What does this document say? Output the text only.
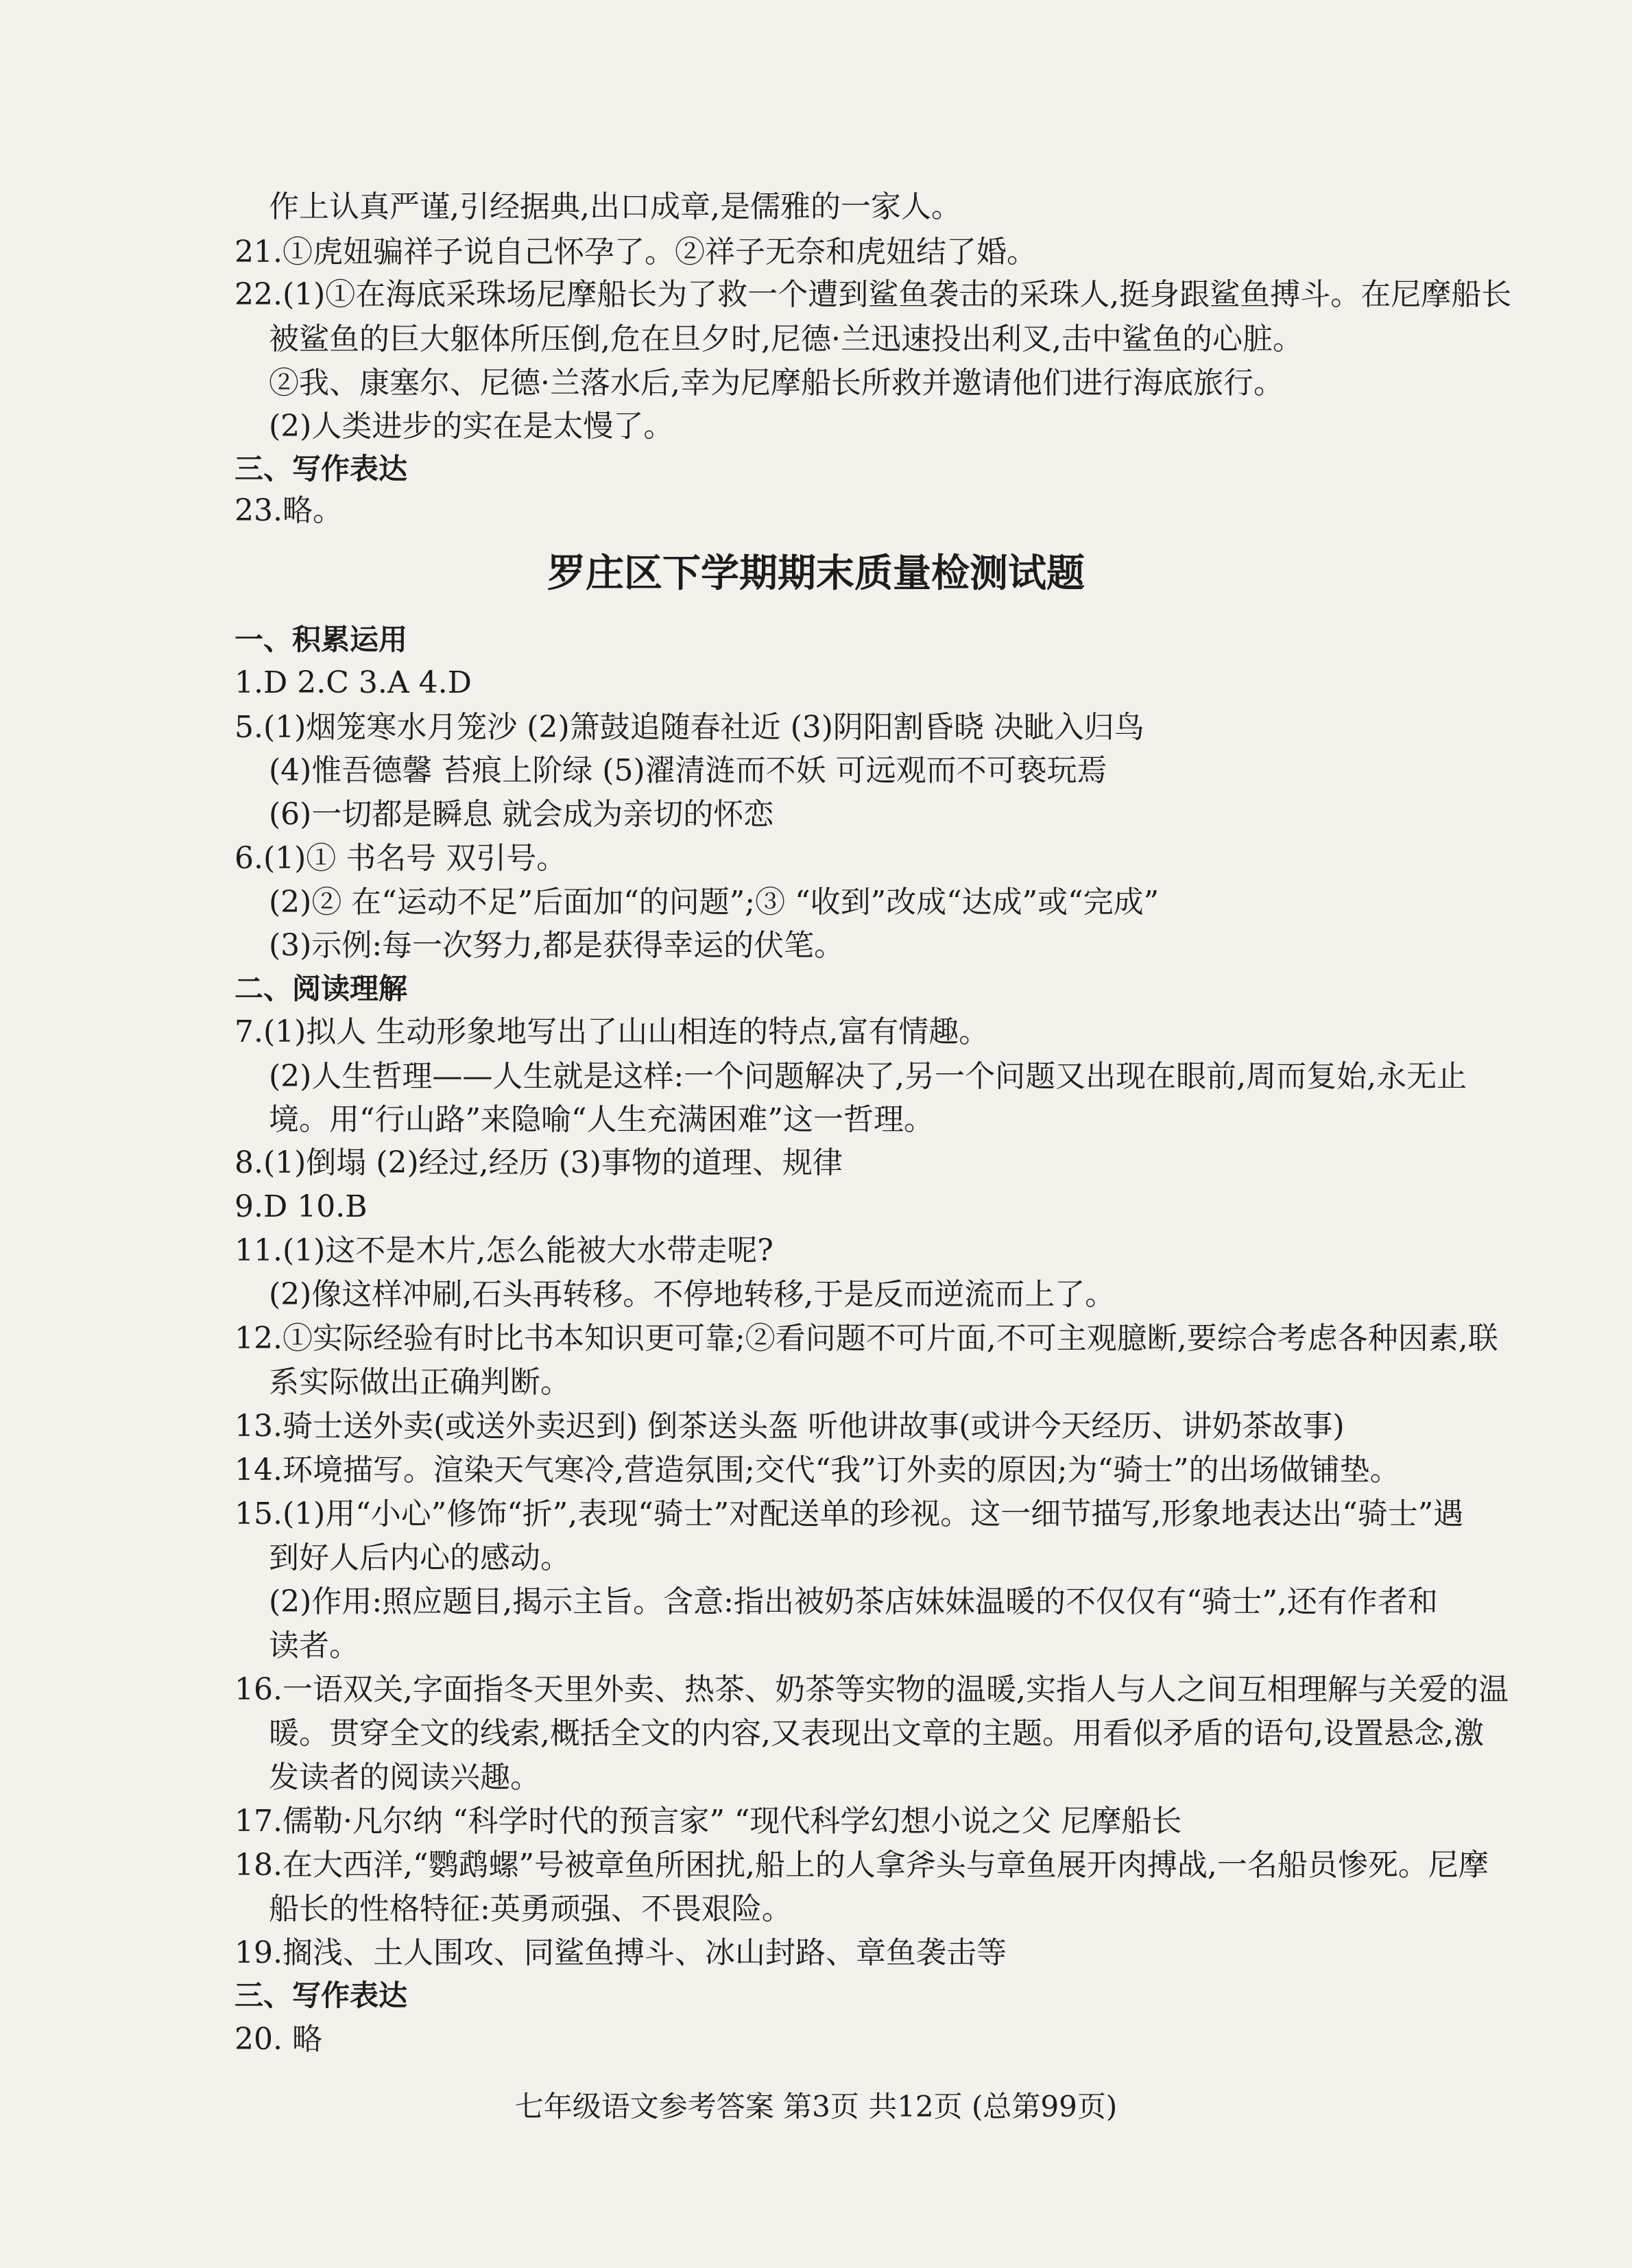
作上认真严谨,引经据典,出口成章,是儒雅的一家人。
21.①虎妞骗祥子说自己怀孕了。②祥子无奈和虎妞结了婚。
22.(1)①在海底采珠场尼摩船长为了救一个遭到鲨鱼袭击的采珠人,挺身跟鲨鱼搏斗。在尼摩船长
被鲨鱼的巨大躯体所压倒,危在旦夕时,尼德·兰迅速投出利叉,击中鲨鱼的心脏。
②我、康塞尔、尼德·兰落水后,幸为尼摩船长所救并邀请他们进行海底旅行。
(2)人类进步的实在是太慢了。
三、写作表达
23.略。
罗庄区下学期期末质量检测试题
一、积累运用
1.D 2.C 3.A 4.D
5.(1)烟笼寒水月笼沙 (2)箫鼓追随春社近 (3)阴阳割昏晓 决眦入归鸟
(4)惟吾德馨 苔痕上阶绿 (5)濯清涟而不妖 可远观而不可亵玩焉
(6)一切都是瞬息 就会成为亲切的怀恋
6.(1)① 书名号 双引号。
(2)② 在“运动不足”后面加“的问题”;③ “收到”改成“达成”或“完成”
(3)示例:每一次努力,都是获得幸运的伏笔。
二、阅读理解
7.(1)拟人 生动形象地写出了山山相连的特点,富有情趣。
(2)人生哲理——人生就是这样:一个问题解决了,另一个问题又出现在眼前,周而复始,永无止
境。用“行山路”来隐喻“人生充满困难”这一哲理。
8.(1)倒塌 (2)经过,经历 (3)事物的道理、规律
9.D 10.B
11.(1)这不是木片,怎么能被大水带走呢?
(2)像这样冲刷,石头再转移。不停地转移,于是反而逆流而上了。
12.①实际经验有时比书本知识更可靠;②看问题不可片面,不可主观臆断,要综合考虑各种因素,联
系实际做出正确判断。
13.骑士送外卖(或送外卖迟到) 倒茶送头盔 听他讲故事(或讲今天经历、讲奶茶故事)
14.环境描写。渲染天气寒冷,营造氛围;交代“我”订外卖的原因;为“骑士”的出场做铺垫。
15.(1)用“小心”修饰“折”,表现“骑士”对配送单的珍视。这一细节描写,形象地表达出“骑士”遇
到好人后内心的感动。
(2)作用:照应题目,揭示主旨。含意:指出被奶茶店妹妹温暖的不仅仅有“骑士”,还有作者和
读者。
16.一语双关,字面指冬天里外卖、热茶、奶茶等实物的温暖,实指人与人之间互相理解与关爱的温
暖。贯穿全文的线索,概括全文的内容,又表现出文章的主题。用看似矛盾的语句,设置悬念,激
发读者的阅读兴趣。
17.儒勒·凡尔纳 “科学时代的预言家” “现代科学幻想小说之父 尼摩船长
18.在大西洋,“鹦鹉螺”号被章鱼所困扰,船上的人拿斧头与章鱼展开肉搏战,一名船员惨死。尼摩
船长的性格特征:英勇顽强、不畏艰险。
19.搁浅、土人围攻、同鲨鱼搏斗、冰山封路、章鱼袭击等
三、写作表达
20. 略
七年级语文参考答案 第3页 共12页 (总第99页)
